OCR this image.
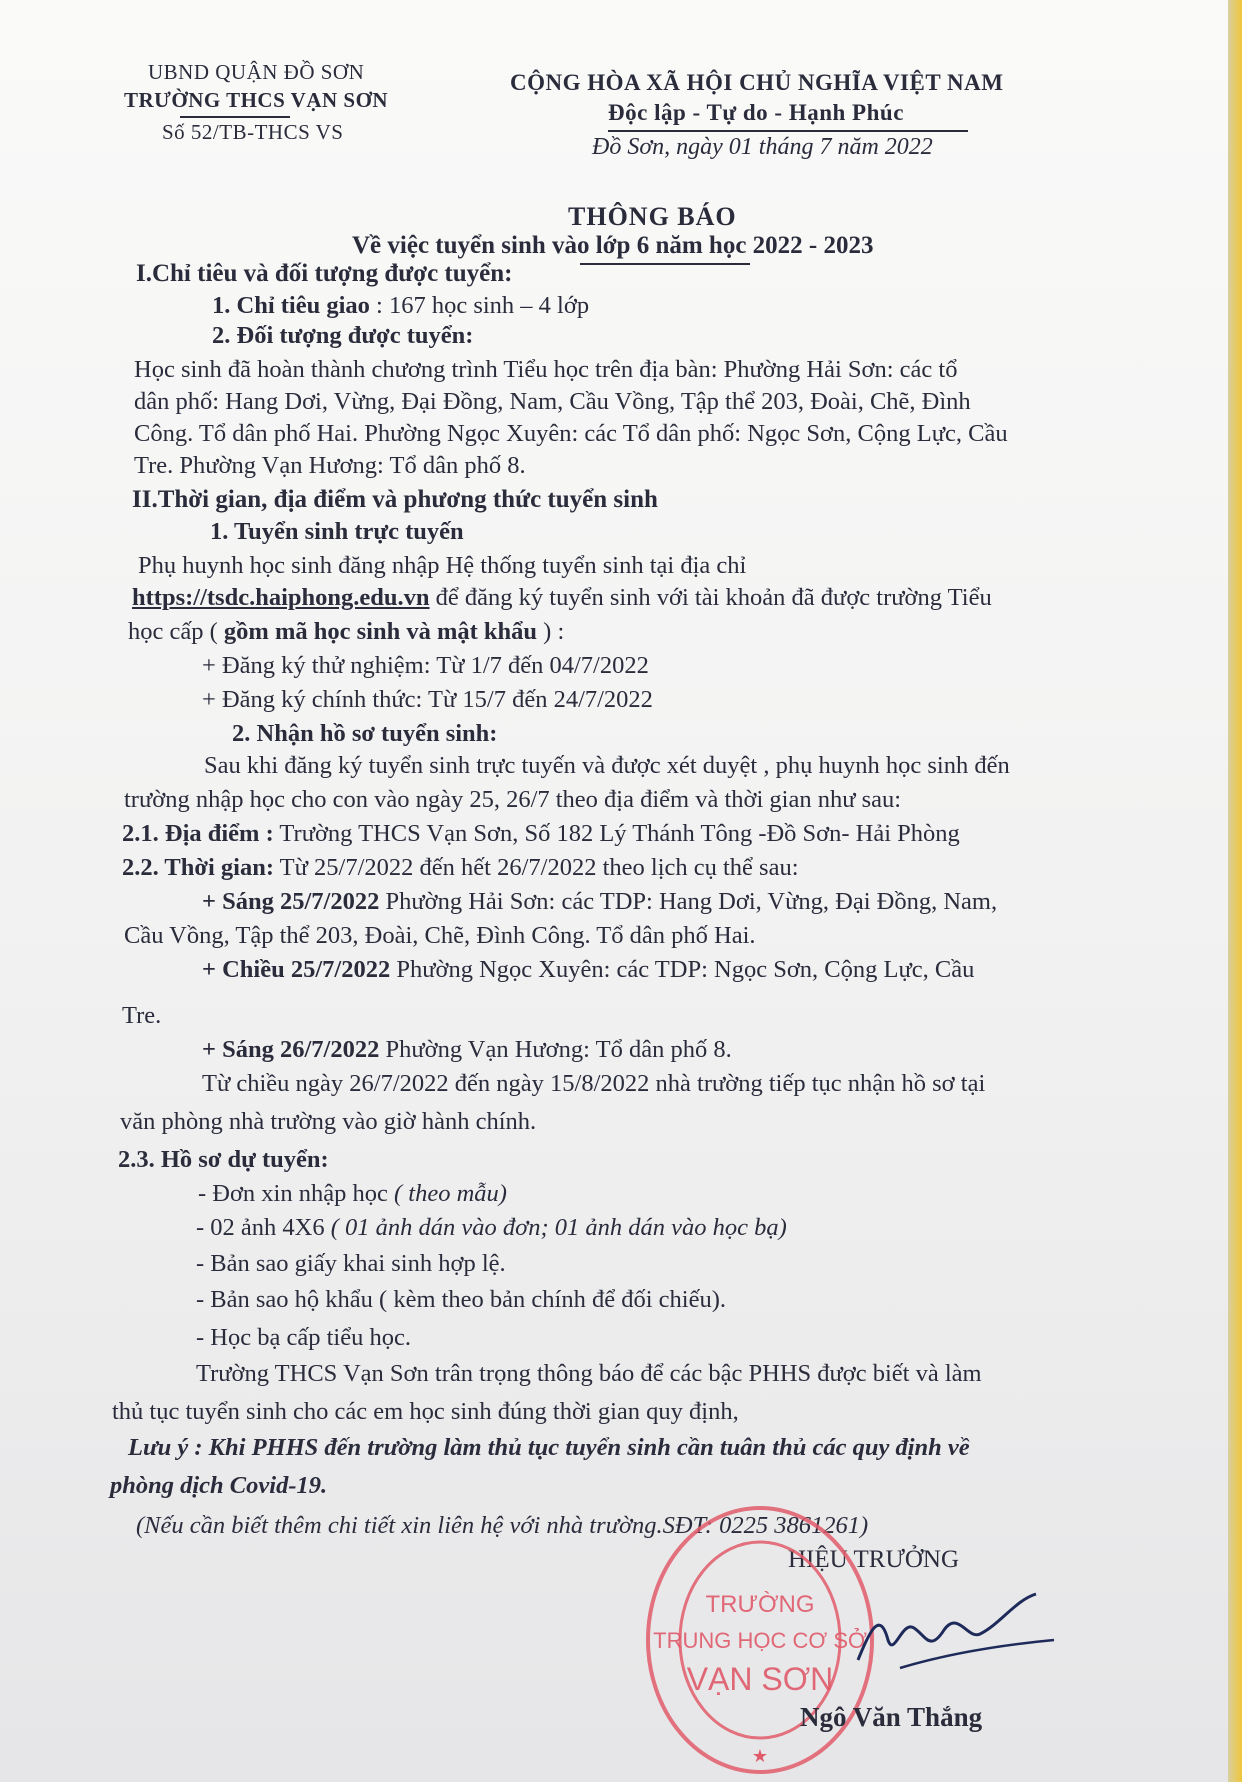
UBND QUẬN ĐỒ SƠN
TRƯỜNG THCS VẠN SƠN
Số 52/TB-THCS VS
CỘNG HÒA XÃ HỘI CHỦ NGHĨA VIỆT NAM
Độc lập - Tự do - Hạnh Phúc
Đồ Sơn, ngày 01 tháng 7 năm 2022
THÔNG BÁO
Về việc tuyển sinh vào lớp 6 năm học 2022 - 2023
I.Chỉ tiêu và đối tượng được tuyển:
1. Chỉ tiêu giao : 167 học sinh – 4 lớp
2. Đối tượng được tuyển:
Học sinh đã hoàn thành chương trình Tiểu học trên địa bàn: Phường Hải Sơn: các tổ
dân phố: Hang Dơi, Vừng, Đại Đồng, Nam, Cầu Vồng, Tập thể 203, Đoài, Chẽ, Đình
Công. Tổ dân phố Hai. Phường Ngọc Xuyên: các Tổ dân phố: Ngọc Sơn, Cộng Lực, Cầu
Tre. Phường Vạn Hương: Tổ dân phố 8.
II.Thời gian, địa điểm và phương thức tuyển sinh
1. Tuyển sinh trực tuyến
Phụ huynh học sinh đăng nhập Hệ thống tuyển sinh tại địa chỉ
https://tsdc.haiphong.edu.vn để đăng ký tuyển sinh với tài khoản đã được trường Tiểu
học cấp ( gồm mã học sinh và mật khẩu ) :
+ Đăng ký thử nghiệm: Từ 1/7 đến 04/7/2022
+ Đăng ký chính thức: Từ 15/7 đến 24/7/2022
2. Nhận hồ sơ tuyển sinh:
Sau khi đăng ký tuyển sinh trực tuyến và được xét duyệt , phụ huynh học sinh đến
trường nhập học cho con vào ngày 25, 26/7 theo địa điểm và thời gian như sau:
2.1. Địa điểm : Trường THCS Vạn Sơn, Số 182 Lý Thánh Tông -Đồ Sơn- Hải Phòng
2.2. Thời gian: Từ 25/7/2022 đến hết 26/7/2022 theo lịch cụ thể sau:
+ Sáng 25/7/2022 Phường Hải Sơn: các TDP: Hang Dơi, Vừng, Đại Đồng, Nam,
Cầu Vồng, Tập thể 203, Đoài, Chẽ, Đình Công. Tổ dân phố Hai.
+ Chiều 25/7/2022 Phường Ngọc Xuyên: các TDP: Ngọc Sơn, Cộng Lực, Cầu
Tre.
+ Sáng 26/7/2022 Phường Vạn Hương: Tổ dân phố 8.
Từ chiều ngày 26/7/2022 đến ngày 15/8/2022 nhà trường tiếp tục nhận hồ sơ tại
văn phòng nhà trường vào giờ hành chính.
2.3. Hồ sơ dự tuyển:
- Đơn xin nhập học ( theo mẫu)
- 02 ảnh 4X6 ( 01 ảnh dán vào đơn; 01 ảnh dán vào học bạ)
- Bản sao giấy khai sinh hợp lệ.
- Bản sao hộ khẩu ( kèm theo bản chính để đối chiếu).
- Học bạ cấp tiểu học.
Trường THCS Vạn Sơn trân trọng thông báo để các bậc PHHS được biết và làm
thủ tục tuyển sinh cho các em học sinh đúng thời gian quy định,
Lưu ý : Khi PHHS đến trường làm thủ tục tuyển sinh cần tuân thủ các quy định về
phòng dịch Covid-19.
(Nếu cần biết thêm chi tiết xin liên hệ với nhà trường.SĐT: 0225 3861261)
HIỆU TRƯỞNG
TRƯỜNG
TRUNG HỌC CƠ SỞ
VẠN SƠN
★
Ngô Văn Thắng
